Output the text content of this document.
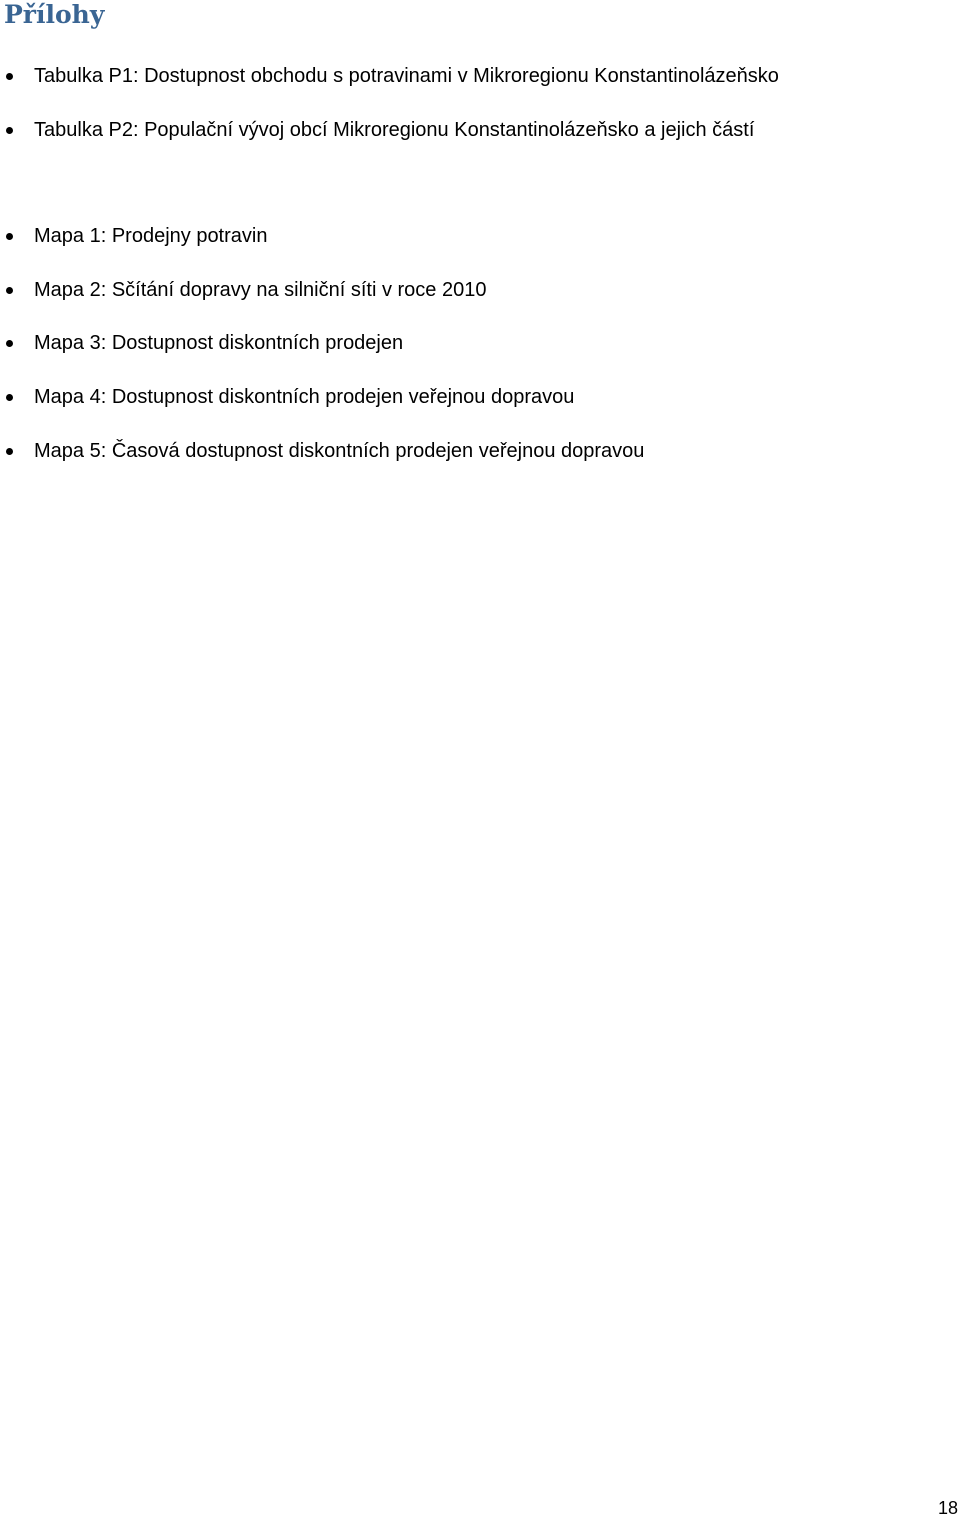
Přílohy
Tabulka P1: Dostupnost obchodu s potravinami v Mikroregionu Konstantinolázeňsko
Tabulka P2: Populační vývoj obcí Mikroregionu Konstantinolázeňsko a jejich částí
Mapa 1: Prodejny potravin
Mapa 2: Sčítání dopravy na silniční síti v roce 2010
Mapa 3: Dostupnost diskontních prodejen
Mapa 4: Dostupnost diskontních prodejen veřejnou dopravou
Mapa 5: Časová dostupnost diskontních prodejen veřejnou dopravou
18
